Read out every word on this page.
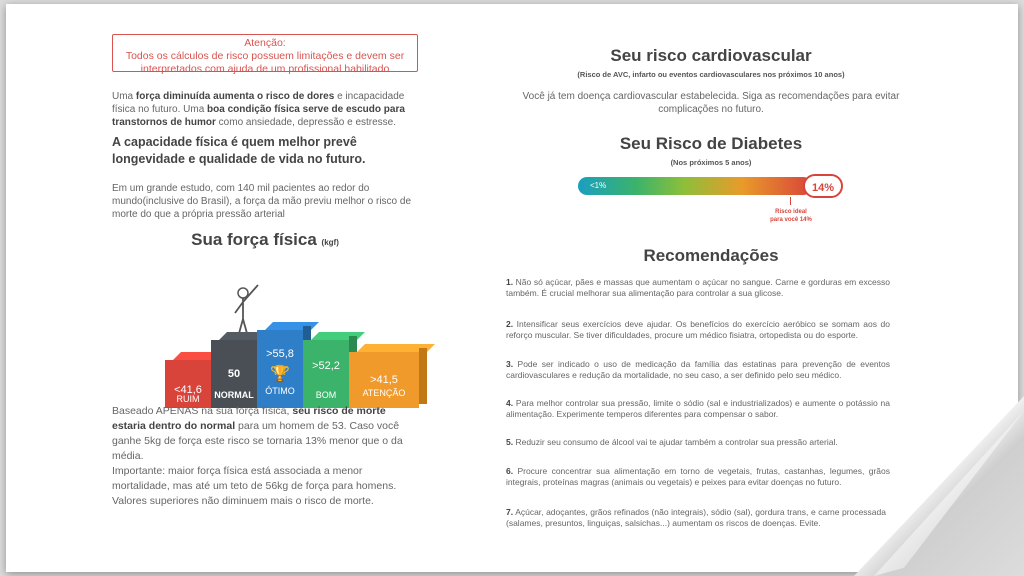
Atenção:
Todos os cálculos de risco possuem limitações e devem ser interpretados com ajuda de um profissional habilitado
Uma força diminuída aumenta o risco de dores e incapacidade física no futuro. Uma boa condição física serve de escudo para transtornos de humor como ansiedade, depressão e estresse.
A capacidade física é quem melhor prevê longevidade e qualidade de vida no futuro.
Em um grande estudo, com 140 mil pacientes ao redor do mundo(inclusive do Brasil), a força da mão previu melhor o risco de morte do que a própria pressão arterial
Sua força física (kgf)
<41,6
RUIM
50
NORMAL
>55,8
🏆
ÓTIMO
>52,2
BOM
>41,5
ATENÇÃO
Baseado APENAS na sua força física, seu risco de morte estaria dentro do normal para um homem de 53. Caso você ganhe 5kg de força este risco se tornaria 13% menor que o da média.
Importante: maior força física está associada a menor mortalidade, mas até um teto de 56kg de força para homens. Valores superiores não diminuem mais o risco de morte.
Seu risco cardiovascular
(Risco de AVC, infarto ou eventos cardiovasculares nos próximos 10 anos)
Você já tem doença cardiovascular estabelecida. Siga as recomendações para evitar complicações no futuro.
Seu Risco de Diabetes
(Nos próximos 5 anos)
<1%	14%
Risco ideal para você 14%
Recomendações
1. Não só açúcar, pães e massas que aumentam o açúcar no sangue. Carne e gorduras em excesso também. É crucial melhorar sua alimentação para controlar a sua glicose.
2. Intensificar seus exercícios deve ajudar. Os benefícios do exercício aeróbico se somam aos do reforço muscular. Se tiver dificuldades, procure um médico fisiatra, ortopedista ou do esporte.
3. Pode ser indicado o uso de medicação da família das estatinas para prevenção de eventos cardiovasculares e redução da mortalidade, no seu caso, a ser definido pelo seu médico.
4. Para melhor controlar sua pressão, limite o sódio (sal e industrializados) e aumente o potássio na alimentação. Experimente temperos diferentes para compensar o sabor.
5. Reduzir seu consumo de álcool vai te ajudar também a controlar sua pressão arterial.
6. Procure concentrar sua alimentação em torno de vegetais, frutas, castanhas, legumes, grãos integrais, proteínas magras (animais ou vegetais) e peixes para evitar doenças no futuro.
7. Açúcar, adoçantes, grãos refinados (não integrais), sódio (sal), gordura trans, e carne processada (salames, presuntos, linguiças, salsichas...) aumentam os riscos de doenças. Evite.
